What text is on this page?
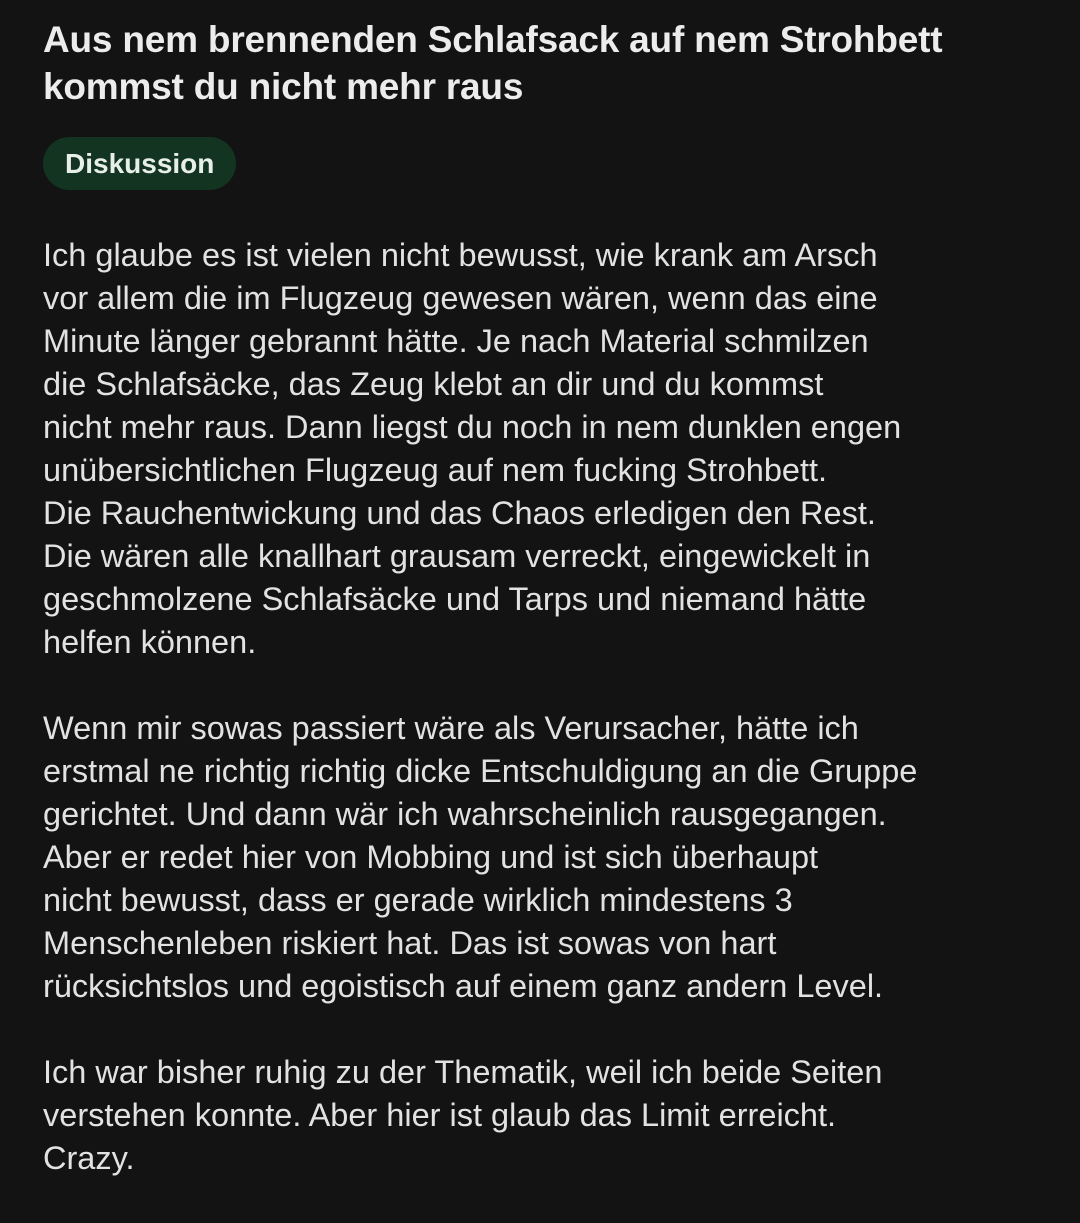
Aus nem brennenden Schlafsack auf nem Strohbett
kommst du nicht mehr raus
Diskussion

Ich glaube es ist vielen nicht bewusst, wie krank am Arsch
vor allem die im Flugzeug gewesen wären, wenn das eine
Minute länger gebrannt hätte. Je nach Material schmilzen
die Schlafsäcke, das Zeug klebt an dir und du kommst
nicht mehr raus. Dann liegst du noch in nem dunklen engen
unübersichtlichen Flugzeug auf nem fucking Strohbett.
Die Rauchentwickung und das Chaos erledigen den Rest.
Die wären alle knallhart grausam verreckt, eingewickelt in
geschmolzene Schlafsäcke und Tarps und niemand hätte
helfen können.

Wenn mir sowas passiert wäre als Verursacher, hätte ich
erstmal ne richtig richtig dicke Entschuldigung an die Gruppe
gerichtet. Und dann wär ich wahrscheinlich rausgegangen.
Aber er redet hier von Mobbing und ist sich überhaupt
nicht bewusst, dass er gerade wirklich mindestens 3
Menschenleben riskiert hat. Das ist sowas von hart
rücksichtslos und egoistisch auf einem ganz andern Level.

Ich war bisher ruhig zu der Thematik, weil ich beide Seiten
verstehen konnte. Aber hier ist glaub das Limit erreicht.
Crazy.
